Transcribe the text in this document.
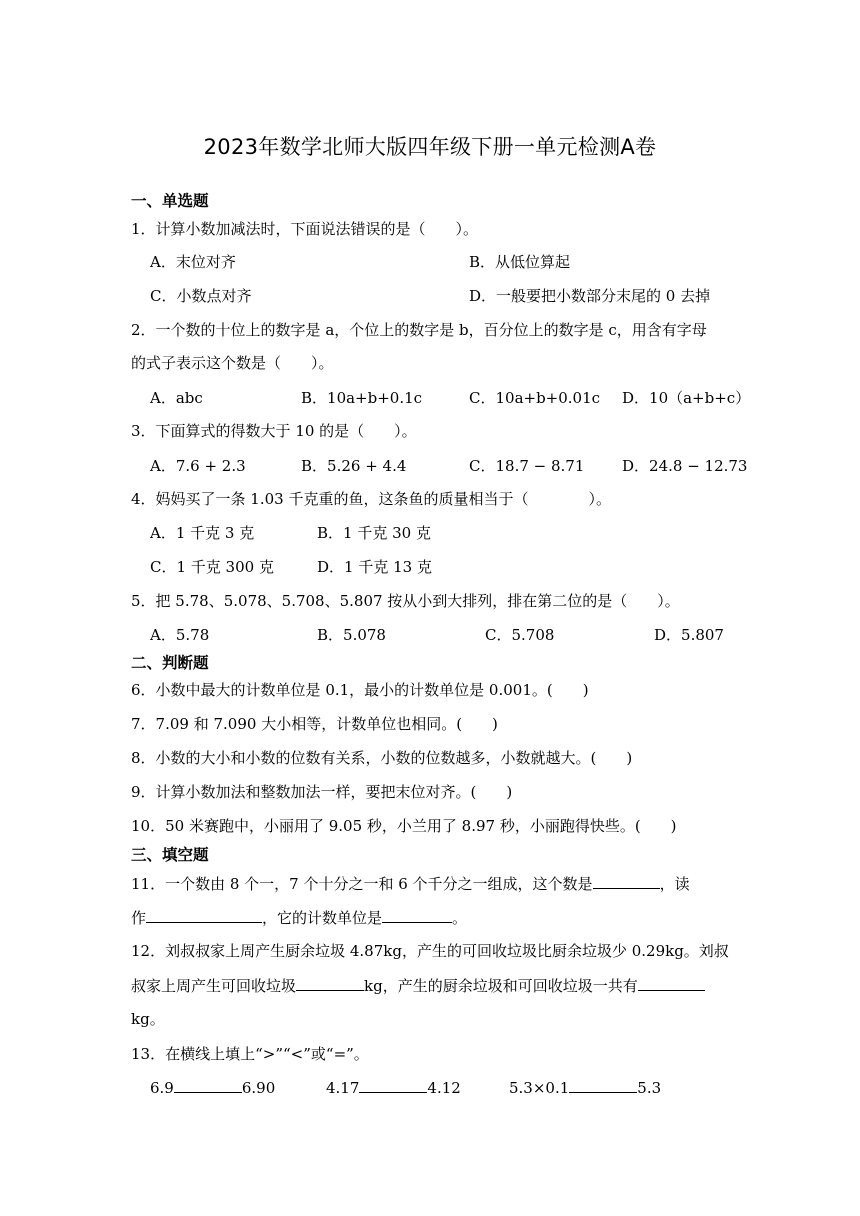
2023年数学北师大版四年级下册一单元检测A卷
一、单选题
1．计算小数加减法时，下面说法错误的是（　　）。
A．末位对齐	B．从低位算起
C．小数点对齐	D．一般要把小数部分末尾的 0 去掉
2．一个数的十位上的数字是 a，个位上的数字是 b，百分位上的数字是 c，用含有字母
的式子表示这个数是（　　）。
A．abc	B．10a+b+0.1c	C．10a+b+0.01c D．10（a+b+c）
3．下面算式的得数大于 10 的是（　　）。
A．7.6 + 2.3	B．5.26 + 4.4	C．18.7 − 8.71	D．24.8 − 12.73
4．妈妈买了一条 1.03 千克重的鱼，这条鱼的质量相当于（　　　　）。
A．1 千克 3 克	B．1 千克 30 克
C．1 千克 300 克	D．1 千克 13 克
5．把 5.78、5.078、5.708、5.807 按从小到大排列，排在第二位的是（　　）。
A．5.78	B．5.078	C．5.708	D．5.807
二、判断题
6．小数中最大的计数单位是 0.1，最小的计数单位是 0.001。(　　)
7．7.09 和 7.090 大小相等，计数单位也相同。(　　)
8．小数的大小和小数的位数有关系，小数的位数越多，小数就越大。(　　)
9．计算小数加法和整数加法一样，要把末位对齐。(　　)
10．50 米赛跑中，小丽用了 9.05 秒，小兰用了 8.97 秒，小丽跑得快些。(　　)
三、填空题
11．一个数由 8 个一，7 个十分之一和 6 个千分之一组成，这个数是	，读
作	，它的计数单位是	。
12．刘叔叔家上周产生厨余垃圾 4.87kg，产生的可回收垃圾比厨余垃圾少 0.29kg。刘叔
叔家上周产生可回收垃圾	kg，产生的厨余垃圾和可回收垃圾一共有
kg。
13．在横线上填上“>”“<”或“=”。
6.9	6.90	4.17	4.12	5.3×0.1	5.3
